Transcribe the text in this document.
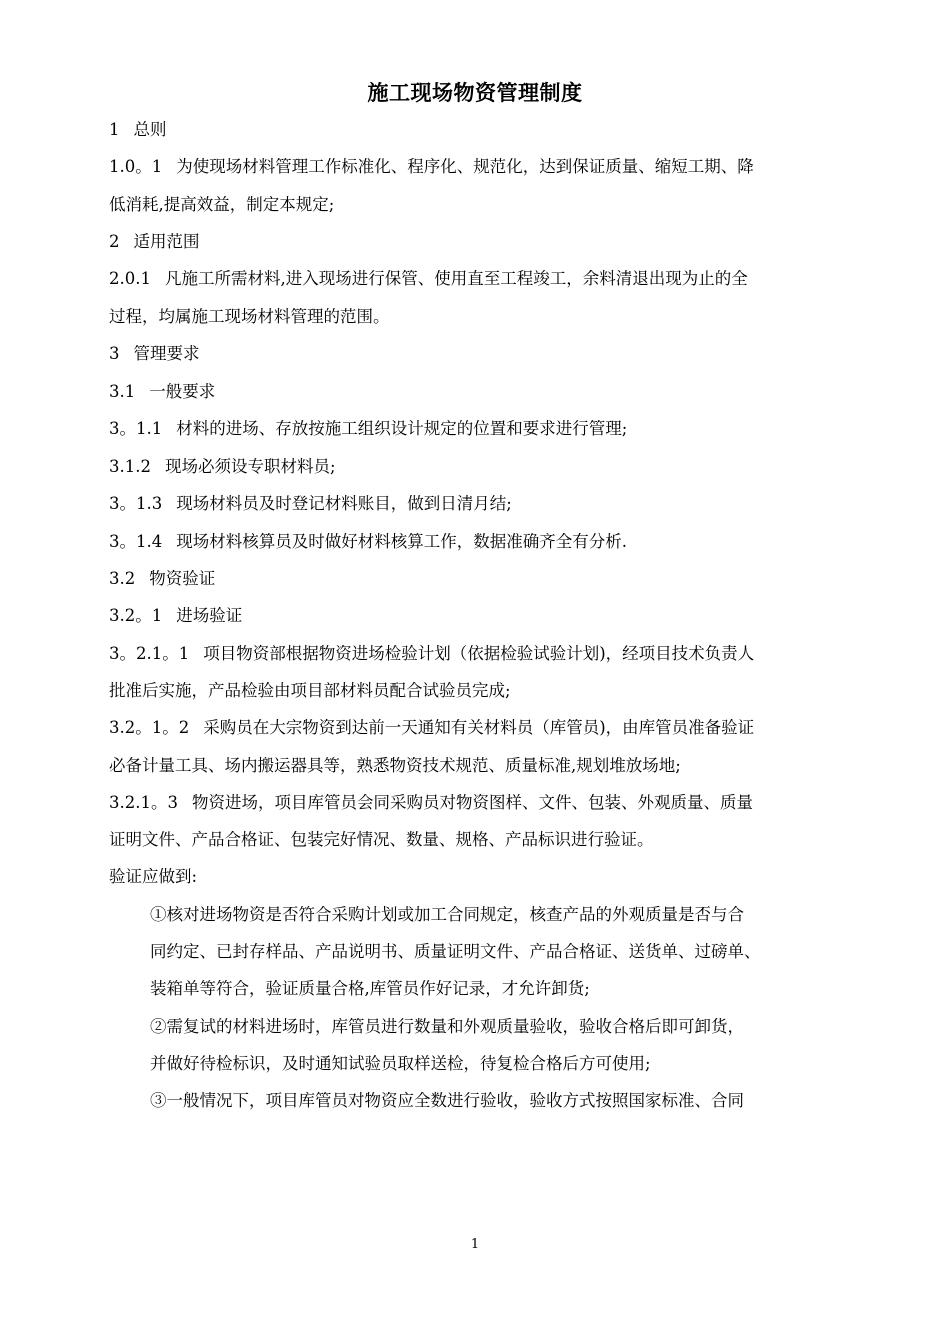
施工现场物资管理制度
1 总则
1.0。1 为使现场材料管理工作标准化、程序化、规范化，达到保证质量、缩短工期、降
低消耗,提高效益，制定本规定;
2 适用范围
2.0.1 凡施工所需材料,进入现场进行保管、使用直至工程竣工，余料清退出现为止的全
过程，均属施工现场材料管理的范围。
3 管理要求
3.1 一般要求
3。1.1 材料的进场、存放按施工组织设计规定的位置和要求进行管理;
3.1.2 现场必须设专职材料员;
3。1.3 现场材料员及时登记材料账目，做到日清月结;
3。1.4 现场材料核算员及时做好材料核算工作，数据准确齐全有分析.
3.2 物资验证
3.2。1 进场验证
3。2.1。1 项目物资部根据物资进场检验计划（依据检验试验计划)，经项目技术负责人
批准后实施，产品检验由项目部材料员配合试验员完成;
3.2。1。2 采购员在大宗物资到达前一天通知有关材料员（库管员)，由库管员准备验证
必备计量工具、场内搬运器具等，熟悉物资技术规范、质量标准,规划堆放场地;
3.2.1。3 物资进场，项目库管员会同采购员对物资图样、文件、包装、外观质量、质量
证明文件、产品合格证、包装完好情况、数量、规格、产品标识进行验证。
验证应做到:
①核对进场物资是否符合采购计划或加工合同规定，核查产品的外观质量是否与合
同约定、已封存样品、产品说明书、质量证明文件、产品合格证、送货单、过磅单、
装箱单等符合，验证质量合格,库管员作好记录，才允许卸货;
②需复试的材料进场时，库管员进行数量和外观质量验收，验收合格后即可卸货，
并做好待检标识，及时通知试验员取样送检，待复检合格后方可使用;
③一般情况下，项目库管员对物资应全数进行验收，验收方式按照国家标准、合同
1
